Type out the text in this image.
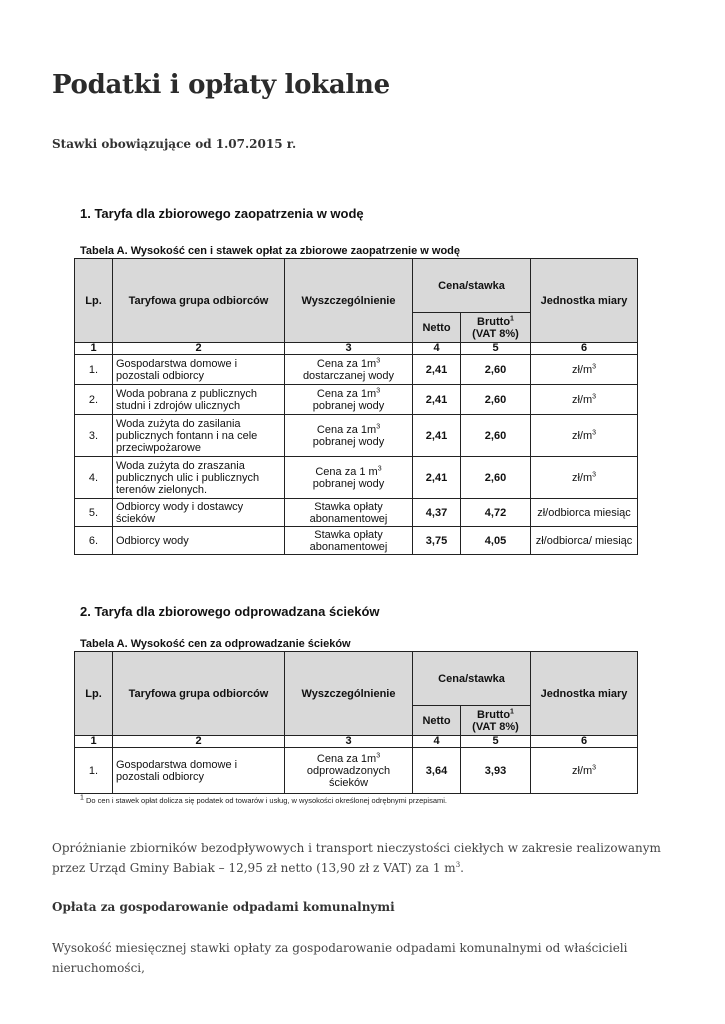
Podatki i opłaty lokalne
Stawki obowiązujące od 1.07.2015 r.
1. Taryfa dla zbiorowego zaopatrzenia w wodę
Tabela A. Wysokość cen i stawek opłat za zbiorowe zaopatrzenie w wodę
Lp.	Taryfowa grupa odbiorców	Wyszczególnienie	Cena/stawka		Jednostka miary
			Netto	Brutto$^1$
(VAT 8%)	
1	2	3	4	5	6
1.	Gospodarstwa domowe i pozostali odbiorcy	Cena za $1m^3$
dostarczanej wody	2,41	2,60	$zł/m^3$
2.	Woda pobrana z publicznych studni i zdrojów ulicznych	Cena za $1m^3$
pobranej wody	2,41	2,60	$zł/m^3$
3.	Woda zużyta do zasilania publicznych fontann i na cele przeciwpożarowe	Cena za $1m^3$
pobranej wody	2,41	2,60	$zł/m^3$
4.	Woda zużyta do zraszania publicznych ulic i publicznych terenów zielonych.	Cena za 1 $m^3$
pobranej wody	2,41	2,60	$zł/m^3$
5.	Odbiorcy wody i dostawcy ścieków	Stawka opłaty
abonamentowej	4,37	4,72	zł/odbiorca miesiąc
6.	Odbiorcy wody	Stawka opłaty
abonamentowej	3,75	4,05	zł/odbiorca/ miesiąc
2. Taryfa dla zbiorowego odprowadzana ścieków
Tabela A. Wysokość cen za odprowadzanie ścieków
Lp.	Taryfowa grupa odbiorców	Wyszczególnienie	Cena/stawka		Jednostka miary
			Netto	Brutto$^1$
(VAT 8%)	
1	2	3	4	5	6
1.	Gospodarstwa domowe i pozostali odbiorcy	Cena za $1m^3$
odprowadzonych ścieków	3,64	3,93	$zł/m^3$
$^1$ Do cen i stawek opłat dolicza się podatek od towarów i usług, w wysokości określonej odrębnymi przepisami.
Opróżnianie zbiorników bezodpływowych i transport nieczystości ciekłych w zakresie realizowanym przez Urząd Gminy Babiak – 12,95 zł netto (13,90 zł z VAT) za 1 $m^3$.
Opłata za gospodarowanie odpadami komunalnymi
Wysokość miesięcznej stawki opłaty za gospodarowanie odpadami komunalnymi od właścicieli nieruchomości,
